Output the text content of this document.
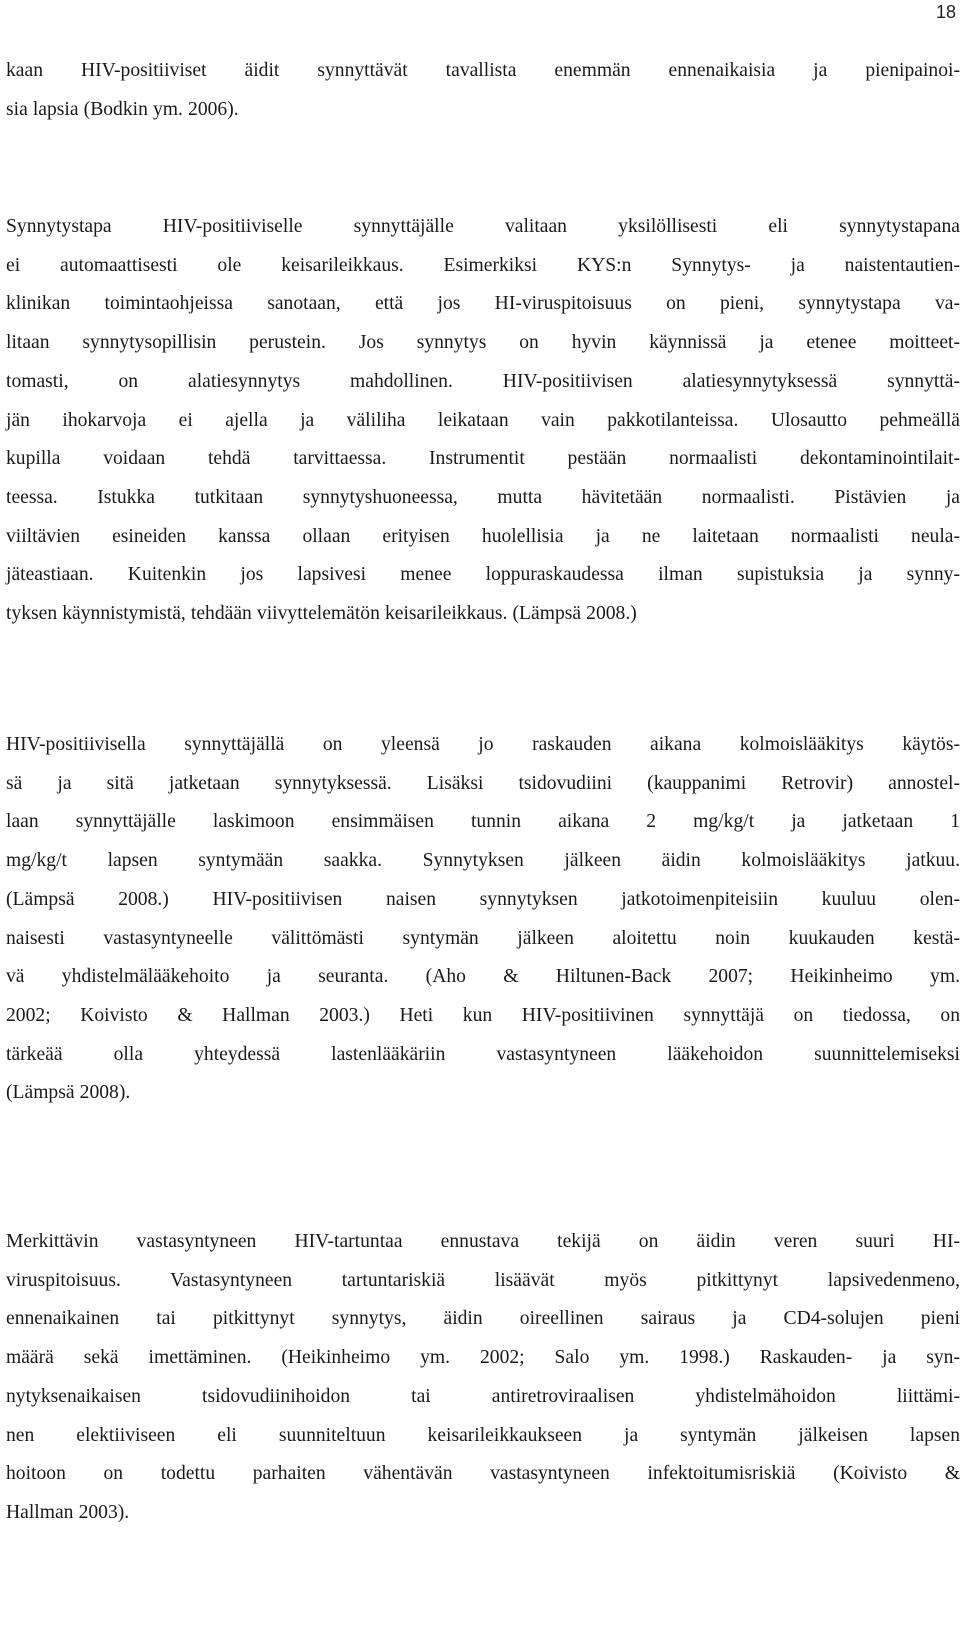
18

kaan HIV-positiiviset äidit synnyttävät tavallista enemmän ennenaikaisia ja pienipainoi-
sia lapsia (Bodkin ym. 2006).

Synnytystapa HIV-positiiviselle synnyttäjälle valitaan yksilöllisesti eli synnytystapana
ei automaattisesti ole keisarileikkaus. Esimerkiksi KYS:n Synnytys- ja naistentautien-
klinikan toimintaohjeissa sanotaan, että jos HI-viruspitoisuus on pieni, synnytystapa va-
litaan synnytysopillisin perustein. Jos synnytys on hyvin käynnissä ja etenee moitteet-
tomasti, on alatiesynnytys mahdollinen. HIV-positiivisen alatiesynnytyksessä synnyttä-
jän ihokarvoja ei ajella ja väliliha leikataan vain pakkotilanteissa. Ulosautto pehmeällä
kupilla voidaan tehdä tarvittaessa. Instrumentit pestään normaalisti dekontaminointilait-
teessa. Istukka tutkitaan synnytyshuoneessa, mutta hävitetään normaalisti. Pistävien ja
viiltävien esineiden kanssa ollaan erityisen huolellisia ja ne laitetaan normaalisti neula-
jäteastiaan. Kuitenkin jos lapsivesi menee loppuraskaudessa ilman supistuksia ja synny-
tyksen käynnistymistä, tehdään viivyttelemätön keisarileikkaus. (Lämpsä 2008.)

HIV-positiivisella synnyttäjällä on yleensä jo raskauden aikana kolmoislääkitys käytös-
sä ja sitä jatketaan synnytyksessä. Lisäksi tsidovudiini (kauppanimi Retrovir) annostel-
laan synnyttäjälle laskimoon ensimmäisen tunnin aikana 2 mg/kg/t ja jatketaan 1
mg/kg/t lapsen syntymään saakka. Synnytyksen jälkeen äidin kolmoislääkitys jatkuu.
(Lämpsä 2008.) HIV-positiivisen naisen synnytyksen jatkotoimenpiteisiin kuuluu olen-
naisesti vastasyntyneelle välittömästi syntymän jälkeen aloitettu noin kuukauden kestä-
vä yhdistelmälääkehoito ja seuranta. (Aho & Hiltunen-Back 2007; Heikinheimo ym.
2002; Koivisto & Hallman 2003.) Heti kun HIV-positiivinen synnyttäjä on tiedossa, on
tärkeää olla yhteydessä lastenlääkäriin vastasyntyneen lääkehoidon suunnittelemiseksi
(Lämpsä 2008).

Merkittävin vastasyntyneen HIV-tartuntaa ennustava tekijä on äidin veren suuri HI-
viruspitoisuus. Vastasyntyneen tartuntariskiä lisäävät myös pitkittynyt lapsivedenmeno,
ennenaikainen tai pitkittynyt synnytys, äidin oireellinen sairaus ja CD4-solujen pieni
määrä sekä imettäminen. (Heikinheimo ym. 2002; Salo ym. 1998.) Raskauden- ja syn-
nytyksenaikaisen tsidovudiinihoidon tai antiretroviraalisen yhdistelmähoidon liittämi-
nen elektiiviseen eli suunniteltuun keisarileikkaukseen ja syntymän jälkeisen lapsen
hoitoon on todettu parhaiten vähentävän vastasyntyneen infektoitumisriskiä (Koivisto &
Hallman 2003).
